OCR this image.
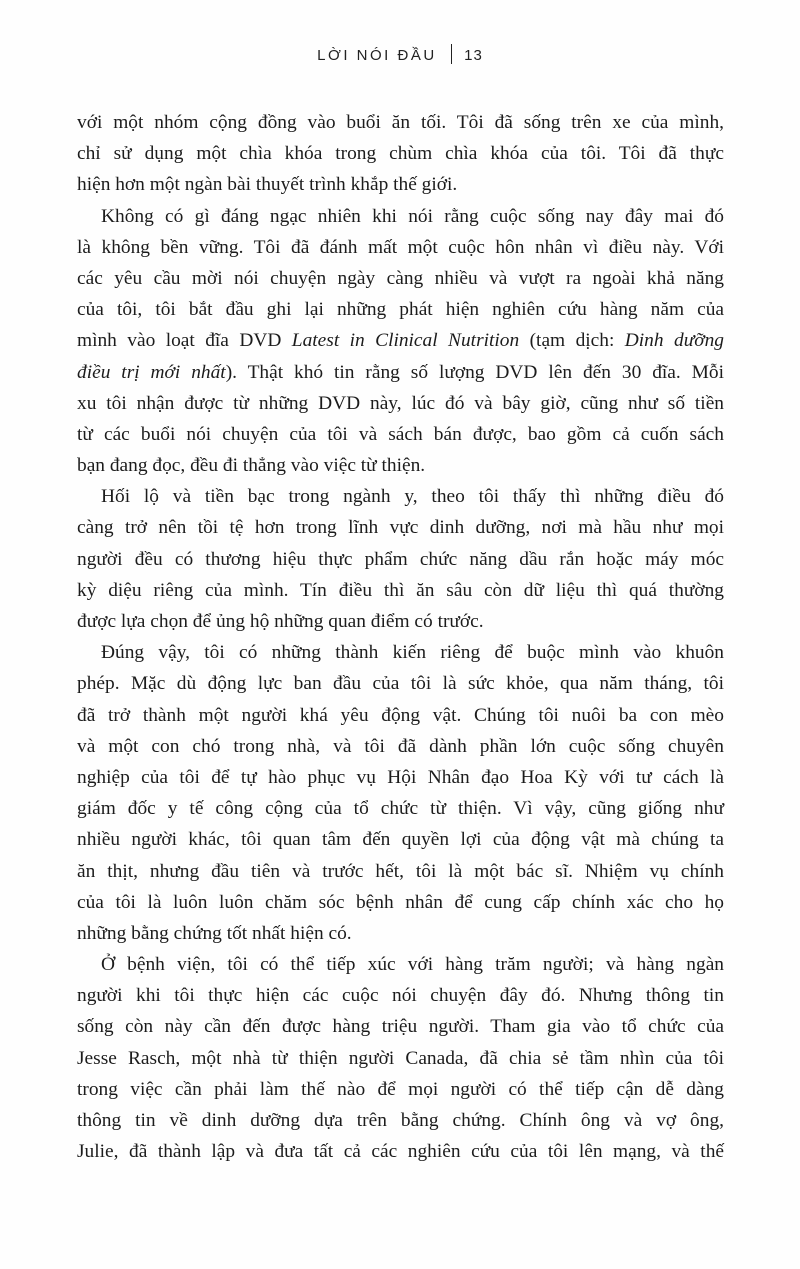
LỜI NÓI ĐẦU 13
với một nhóm cộng đồng vào buổi ăn tối. Tôi đã sống trên xe của mình,
chỉ sử dụng một chìa khóa trong chùm chìa khóa của tôi. Tôi đã thực
hiện hơn một ngàn bài thuyết trình khắp thế giới.
Không có gì đáng ngạc nhiên khi nói rằng cuộc sống nay đây mai đó
là không bền vững. Tôi đã đánh mất một cuộc hôn nhân vì điều này. Với
các yêu cầu mời nói chuyện ngày càng nhiều và vượt ra ngoài khả năng
của tôi, tôi bắt đầu ghi lại những phát hiện nghiên cứu hàng năm của
mình vào loạt đĩa DVD Latest in Clinical Nutrition (tạm dịch: Dinh dưỡng
điều trị mới nhất). Thật khó tin rằng số lượng DVD lên đến 30 đĩa. Mỗi
xu tôi nhận được từ những DVD này, lúc đó và bây giờ, cũng như số tiền
từ các buổi nói chuyện của tôi và sách bán được, bao gồm cả cuốn sách
bạn đang đọc, đều đi thẳng vào việc từ thiện.
Hối lộ và tiền bạc trong ngành y, theo tôi thấy thì những điều đó
càng trở nên tồi tệ hơn trong lĩnh vực dinh dưỡng, nơi mà hầu như mọi
người đều có thương hiệu thực phẩm chức năng dầu rắn hoặc máy móc
kỳ diệu riêng của mình. Tín điều thì ăn sâu còn dữ liệu thì quá thường
được lựa chọn để ủng hộ những quan điểm có trước.
Đúng vậy, tôi có những thành kiến riêng để buộc mình vào khuôn
phép. Mặc dù động lực ban đầu của tôi là sức khỏe, qua năm tháng, tôi
đã trở thành một người khá yêu động vật. Chúng tôi nuôi ba con mèo
và một con chó trong nhà, và tôi đã dành phần lớn cuộc sống chuyên
nghiệp của tôi để tự hào phục vụ Hội Nhân đạo Hoa Kỳ với tư cách là
giám đốc y tế công cộng của tổ chức từ thiện. Vì vậy, cũng giống như
nhiều người khác, tôi quan tâm đến quyền lợi của động vật mà chúng ta
ăn thịt, nhưng đầu tiên và trước hết, tôi là một bác sĩ. Nhiệm vụ chính
của tôi là luôn luôn chăm sóc bệnh nhân để cung cấp chính xác cho họ
những bằng chứng tốt nhất hiện có.
Ở bệnh viện, tôi có thể tiếp xúc với hàng trăm người; và hàng ngàn
người khi tôi thực hiện các cuộc nói chuyện đây đó. Nhưng thông tin
sống còn này cần đến được hàng triệu người. Tham gia vào tổ chức của
Jesse Rasch, một nhà từ thiện người Canada, đã chia sẻ tầm nhìn của tôi
trong việc cần phải làm thế nào để mọi người có thể tiếp cận dễ dàng
thông tin về dinh dưỡng dựa trên bằng chứng. Chính ông và vợ ông,
Julie, đã thành lập và đưa tất cả các nghiên cứu của tôi lên mạng, và thế
